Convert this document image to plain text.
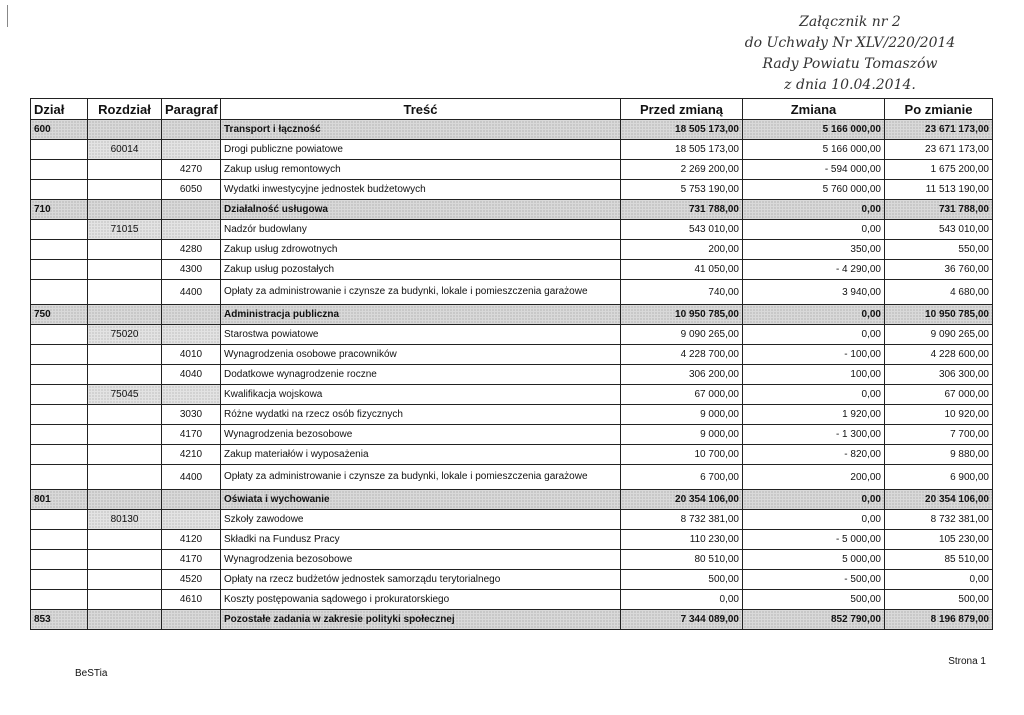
Załącznik nr 2
do Uchwały Nr XLV/220/2014
Rady Powiatu Tomaszów
z dnia 10.04.2014.
Dział	Rozdział	Paragraf	Treść	Przed zmianą	Zmiana	Po zmianie
600			Transport i łączność	18 505 173,00	5 166 000,00	23 671 173,00
	60014		Drogi publiczne powiatowe	18 505 173,00	5 166 000,00	23 671 173,00
		4270	Zakup usług remontowych	2 269 200,00	- 594 000,00	1 675 200,00
		6050	Wydatki inwestycyjne jednostek budżetowych	5 753 190,00	5 760 000,00	11 513 190,00
710			Działalność usługowa	731 788,00	0,00	731 788,00
	71015		Nadzór budowlany	543 010,00	0,00	543 010,00
		4280	Zakup usług zdrowotnych	200,00	350,00	550,00
		4300	Zakup usług pozostałych	41 050,00	- 4 290,00	36 760,00
		4400	Opłaty za administrowanie i czynsze za budynki, lokale i pomieszczenia garażowe	740,00	3 940,00	4 680,00
750			Administracja publiczna	10 950 785,00	0,00	10 950 785,00
	75020		Starostwa powiatowe	9 090 265,00	0,00	9 090 265,00
		4010	Wynagrodzenia osobowe pracowników	4 228 700,00	- 100,00	4 228 600,00
		4040	Dodatkowe wynagrodzenie roczne	306 200,00	100,00	306 300,00
	75045		Kwalifikacja wojskowa	67 000,00	0,00	67 000,00
		3030	Różne wydatki na rzecz osób fizycznych	9 000,00	1 920,00	10 920,00
		4170	Wynagrodzenia bezosobowe	9 000,00	- 1 300,00	7 700,00
		4210	Zakup materiałów i wyposażenia	10 700,00	- 820,00	9 880,00
		4400	Opłaty za administrowanie i czynsze za budynki, lokale i pomieszczenia garażowe	6 700,00	200,00	6 900,00
801			Oświata i wychowanie	20 354 106,00	0,00	20 354 106,00
	80130		Szkoły zawodowe	8 732 381,00	0,00	8 732 381,00
		4120	Składki na Fundusz Pracy	110 230,00	- 5 000,00	105 230,00
		4170	Wynagrodzenia bezosobowe	80 510,00	5 000,00	85 510,00
		4520	Opłaty na rzecz budżetów jednostek samorządu terytorialnego	500,00	- 500,00	0,00
		4610	Koszty postępowania sądowego i prokuratorskiego	0,00	500,00	500,00
853			Pozostałe zadania w zakresie polityki społecznej	7 344 089,00	852 790,00	8 196 879,00
BeSTia
Strona 1
